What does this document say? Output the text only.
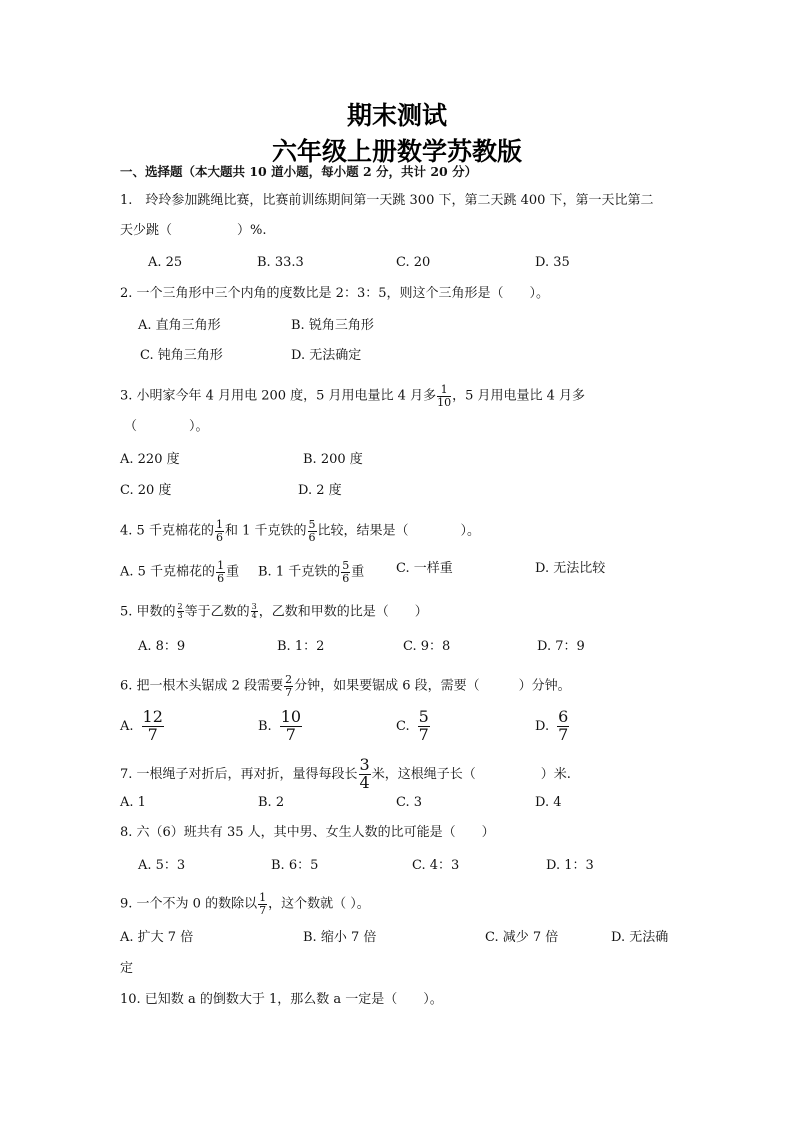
期末测试
六年级上册数学苏教版
一、选择题（本大题共 10 道小题，每小题 2 分，共计 20 分）
1.　玲玲参加跳绳比赛，比赛前训练期间第一天跳 300 下，第二天跳 400 下，第一天比第二
天少跳（　　　　　）%.
A. 25	B. 33.3	C. 20	D. 35
2. 一个三角形中三个内角的度数比是 2：3：5，则这个三角形是（　　）。
A. 直角三角形	B. 锐角三角形
C. 钝角三角形	D. 无法确定
3. 小明家今年 4 月用电 200 度，5 月用电量比 4 月多 $\frac{1}{10}$ ，5 月用电量比 4 月多
（　　　　）。
A. 220 度	B. 200 度
C. 20 度	D. 2 度
4. 5 千克棉花的 $\frac{1}{6}$ 和 1 千克铁的 $\frac{5}{6}$ 比较，结果是（　　　　）。
A. 5 千克棉花的 $\frac{1}{6}$ 重 B. 1 千克铁的 $\frac{5}{6}$ 重 C. 一样重	D. 无法比较
5. 甲数的 $\frac{2}{3}$ 等于乙数的 $\frac{3}{4}$ ，乙数和甲数的比是（　　）
A. 8：9	B. 1：2	C. 9：8	D. 7：9
6. 把一根木头锯成 2 段需要 $\frac{2}{7}$ 分钟，如果要锯成 6 段，需要（　　　）分钟。
A. $\frac{12}{7}$	B. $\frac{10}{7}$	C. $\frac{5}{7}$	D. $\frac{6}{7}$
7. 一根绳子对折后，再对折，量得每段长 $\frac{3}{4}$ 米，这根绳子长（　　　　　）米.
A. 1	B. 2	C. 3	D. 4
8. 六（6）班共有 35 人，其中男、女生人数的比可能是（　　）
A. 5：3	B. 6：5	C. 4：3	D. 1：3
9. 一个不为 0 的数除以 $\frac{1}{7}$ ，这个数就（ ）。
A. 扩大 7 倍	B. 缩小 7 倍	C. 减少 7 倍	D. 无法确
定
10. 已知数 a 的倒数大于 1，那么数 a 一定是（　　）。
